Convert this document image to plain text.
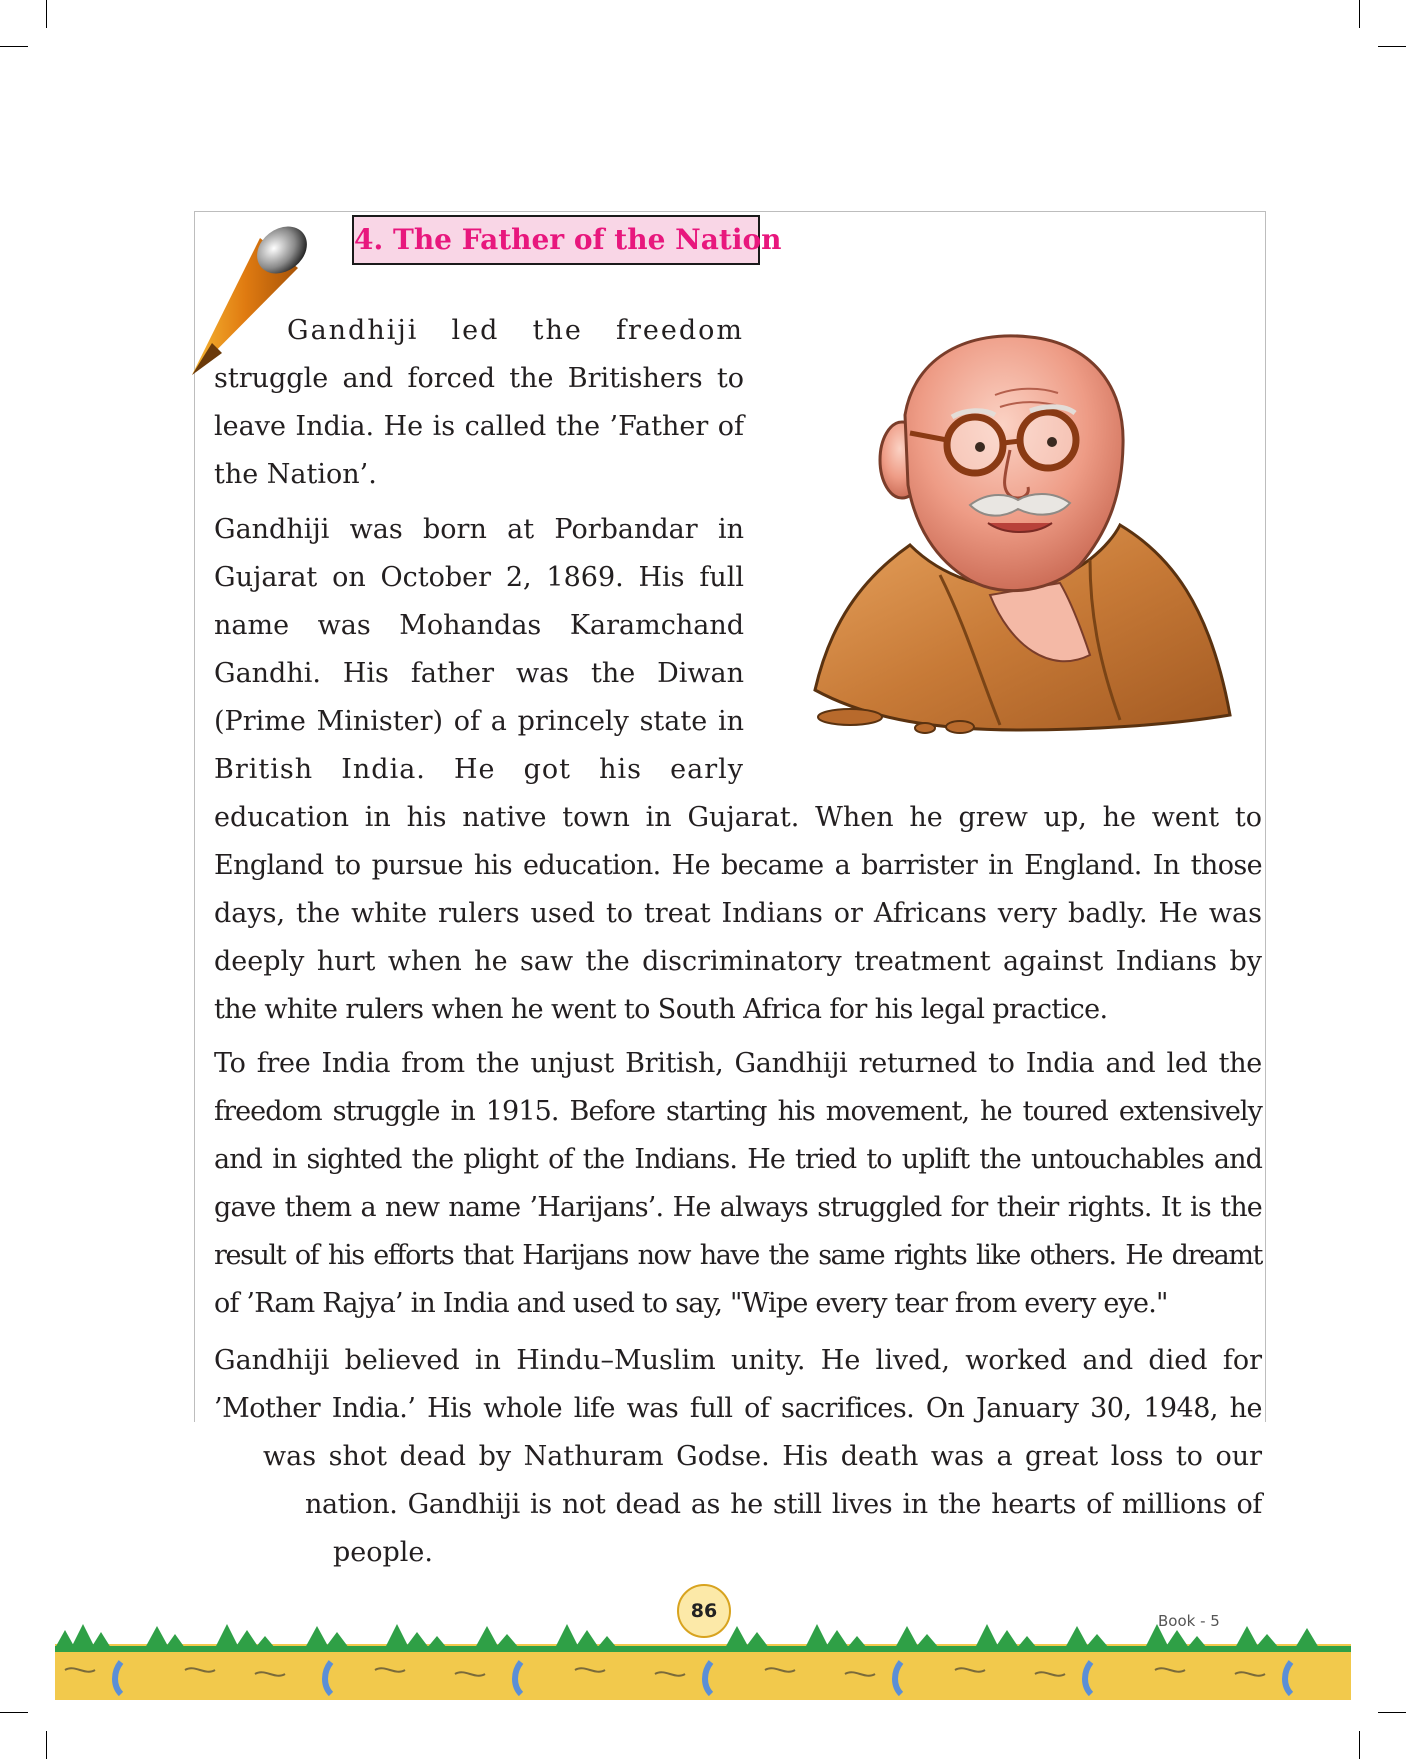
4. The Father of the Nation
Gandhiji led the freedom
struggle and forced the Britishers to
leave India. He is called the ’Father of
the Nation’.
Gandhiji was born at Porbandar in
Gujarat on October 2, 1869. His full
name was Mohandas Karamchand
Gandhi. His father was the Diwan
(Prime Minister) of a princely state in
British India. He got his early
education in his native town in Gujarat. When he grew up, he went to
England to pursue his education. He became a barrister in England. In those
days, the white rulers used to treat Indians or Africans very badly. He was
deeply hurt when he saw the discriminatory treatment against Indians by
the white rulers when he went to South Africa for his legal practice.
To free India from the unjust British, Gandhiji returned to India and led the
freedom struggle in 1915. Before starting his movement, he toured extensively
and in sighted the plight of the Indians. He tried to uplift the untouchables and
gave them a new name ’Harijans’. He always struggled for their rights. It is the
result of his efforts that Harijans now have the same rights like others. He dreamt
of ’Ram Rajya’ in India and used to say, "Wipe every tear from every eye."
Gandhiji believed in Hindu–Muslim unity. He lived, worked and died for
’Mother India.’ His whole life was full of sacrifices. On January 30, 1948, he
was shot dead by Nathuram Godse. His death was a great loss to our
nation. Gandhiji is not dead as he still lives in the hearts of millions of
people.
86	Book - 5
